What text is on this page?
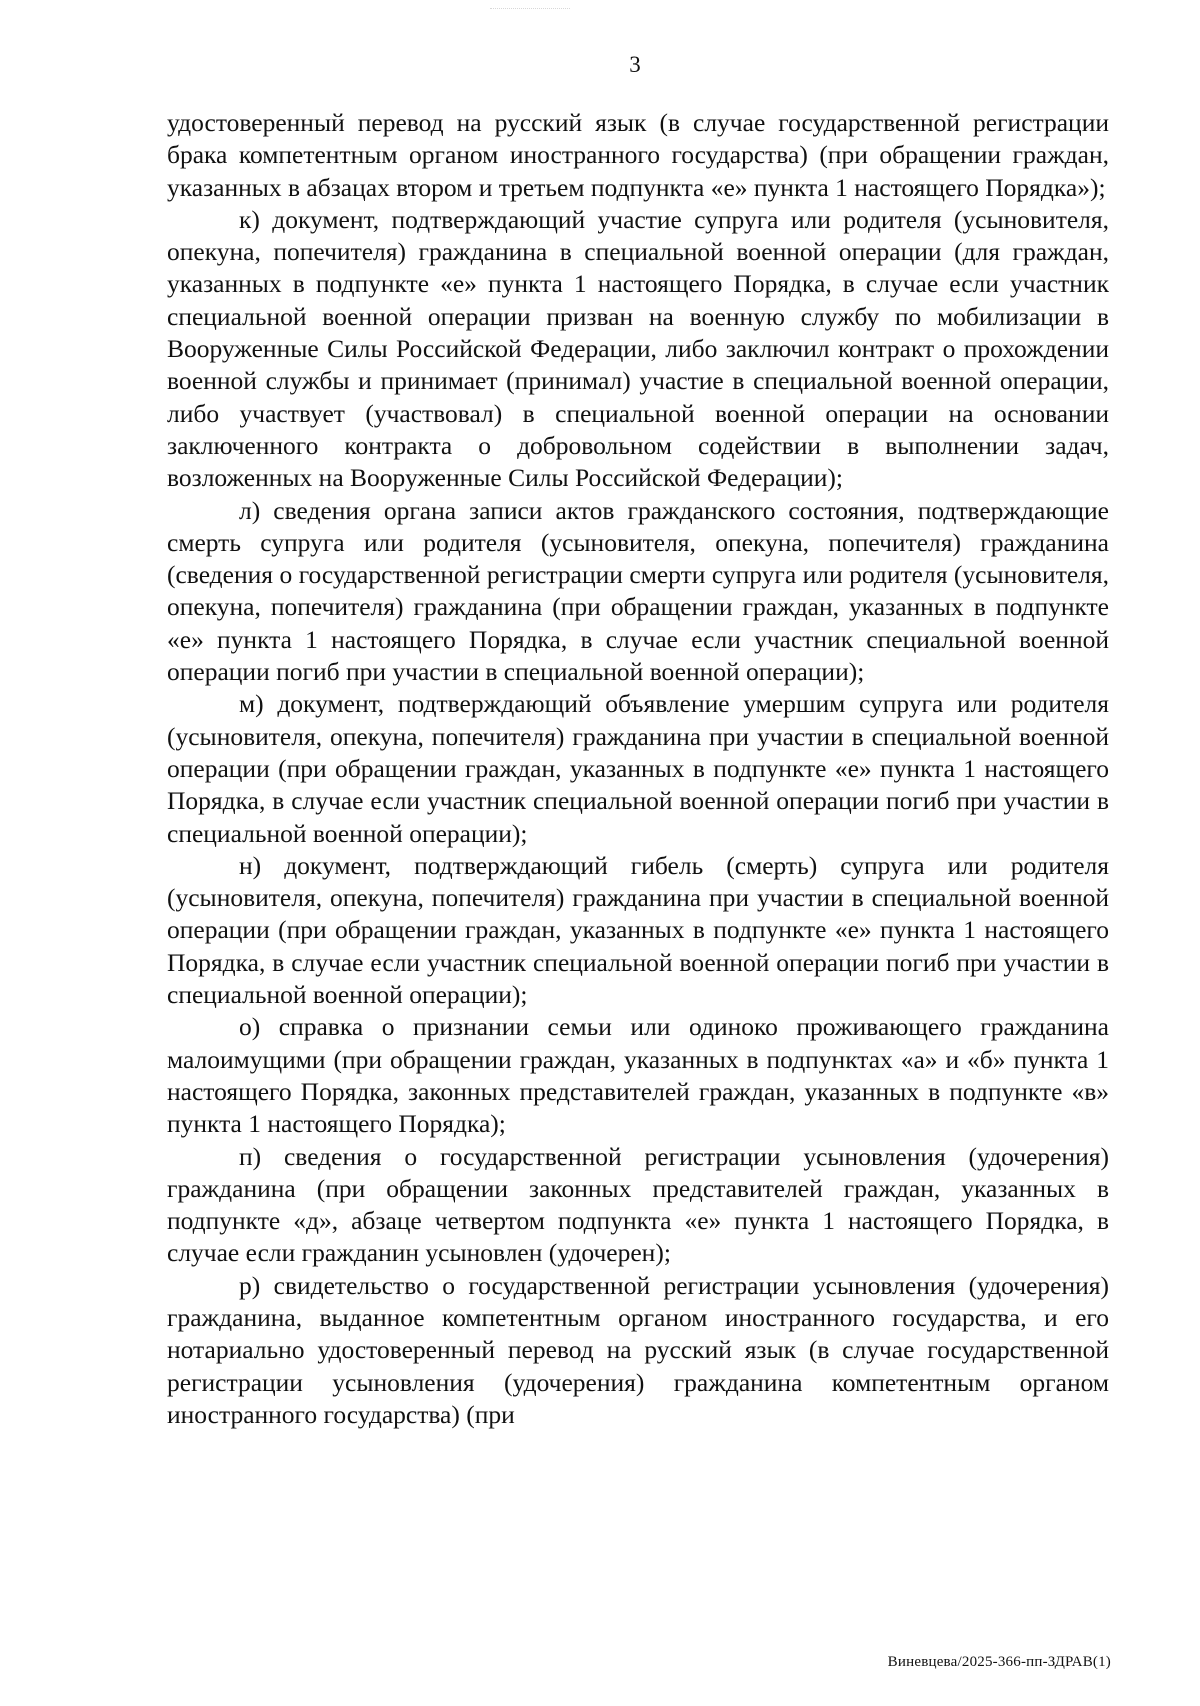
3

удостоверенный перевод на русский язык (в случае государственной регистрации брака компетентным органом иностранного государства) (при обращении граждан, указанных в абзацах втором и третьем подпункта «е» пункта 1 настоящего Порядка»);

к) документ, подтверждающий участие супруга или родителя (усыновителя, опекуна, попечителя) гражданина в специальной военной операции (для граждан, указанных в подпункте «е» пункта 1 настоящего Порядка, в случае если участник специальной военной операции призван на военную службу по мобилизации в Вооруженные Силы Российской Федерации, либо заключил контракт о прохождении военной службы и принимает (принимал) участие в специальной военной операции, либо участвует (участвовал) в специальной военной операции на основании заключенного контракта о добровольном содействии в выполнении задач, возложенных на Вооруженные Силы Российской Федерации);

л) сведения органа записи актов гражданского состояния, подтверждающие смерть супруга или родителя (усыновителя, опекуна, попечителя) гражданина (сведения о государственной регистрации смерти супруга или родителя (усыновителя, опекуна, попечителя) гражданина (при обращении граждан, указанных в подпункте «е» пункта 1 настоящего Порядка, в случае если участник специальной военной операции погиб при участии в специальной военной операции);

м) документ, подтверждающий объявление умершим супруга или родителя (усыновителя, опекуна, попечителя) гражданина при участии в специальной военной операции (при обращении граждан, указанных в подпункте «е» пункта 1 настоящего Порядка, в случае если участник специальной военной операции погиб при участии в специальной военной операции);

н) документ, подтверждающий гибель (смерть) супруга или родителя (усыновителя, опекуна, попечителя) гражданина при участии в специальной военной операции (при обращении граждан, указанных в подпункте «е» пункта 1 настоящего Порядка, в случае если участник специальной военной операции погиб при участии в специальной военной операции);

о) справка о признании семьи или одиноко проживающего гражданина малоимущими (при обращении граждан, указанных в подпунктах «а» и «б» пункта 1 настоящего Порядка, законных представителей граждан, указанных в подпункте «в» пункта 1 настоящего Порядка);

п) сведения о государственной регистрации усыновления (удочерения) гражданина (при обращении законных представителей граждан, указанных в подпункте «д», абзаце четвертом подпункта «е» пункта 1 настоящего Порядка, в случае если гражданин усыновлен (удочерен);

р) свидетельство о государственной регистрации усыновления (удочерения) гражданина, выданное компетентным органом иностранного государства, и его нотариально удостоверенный перевод на русский язык (в случае государственной регистрации усыновления (удочерения) гражданина компетентным органом иностранного государства) (при

Виневцева/2025-366-пп-ЗДРАВ(1)
